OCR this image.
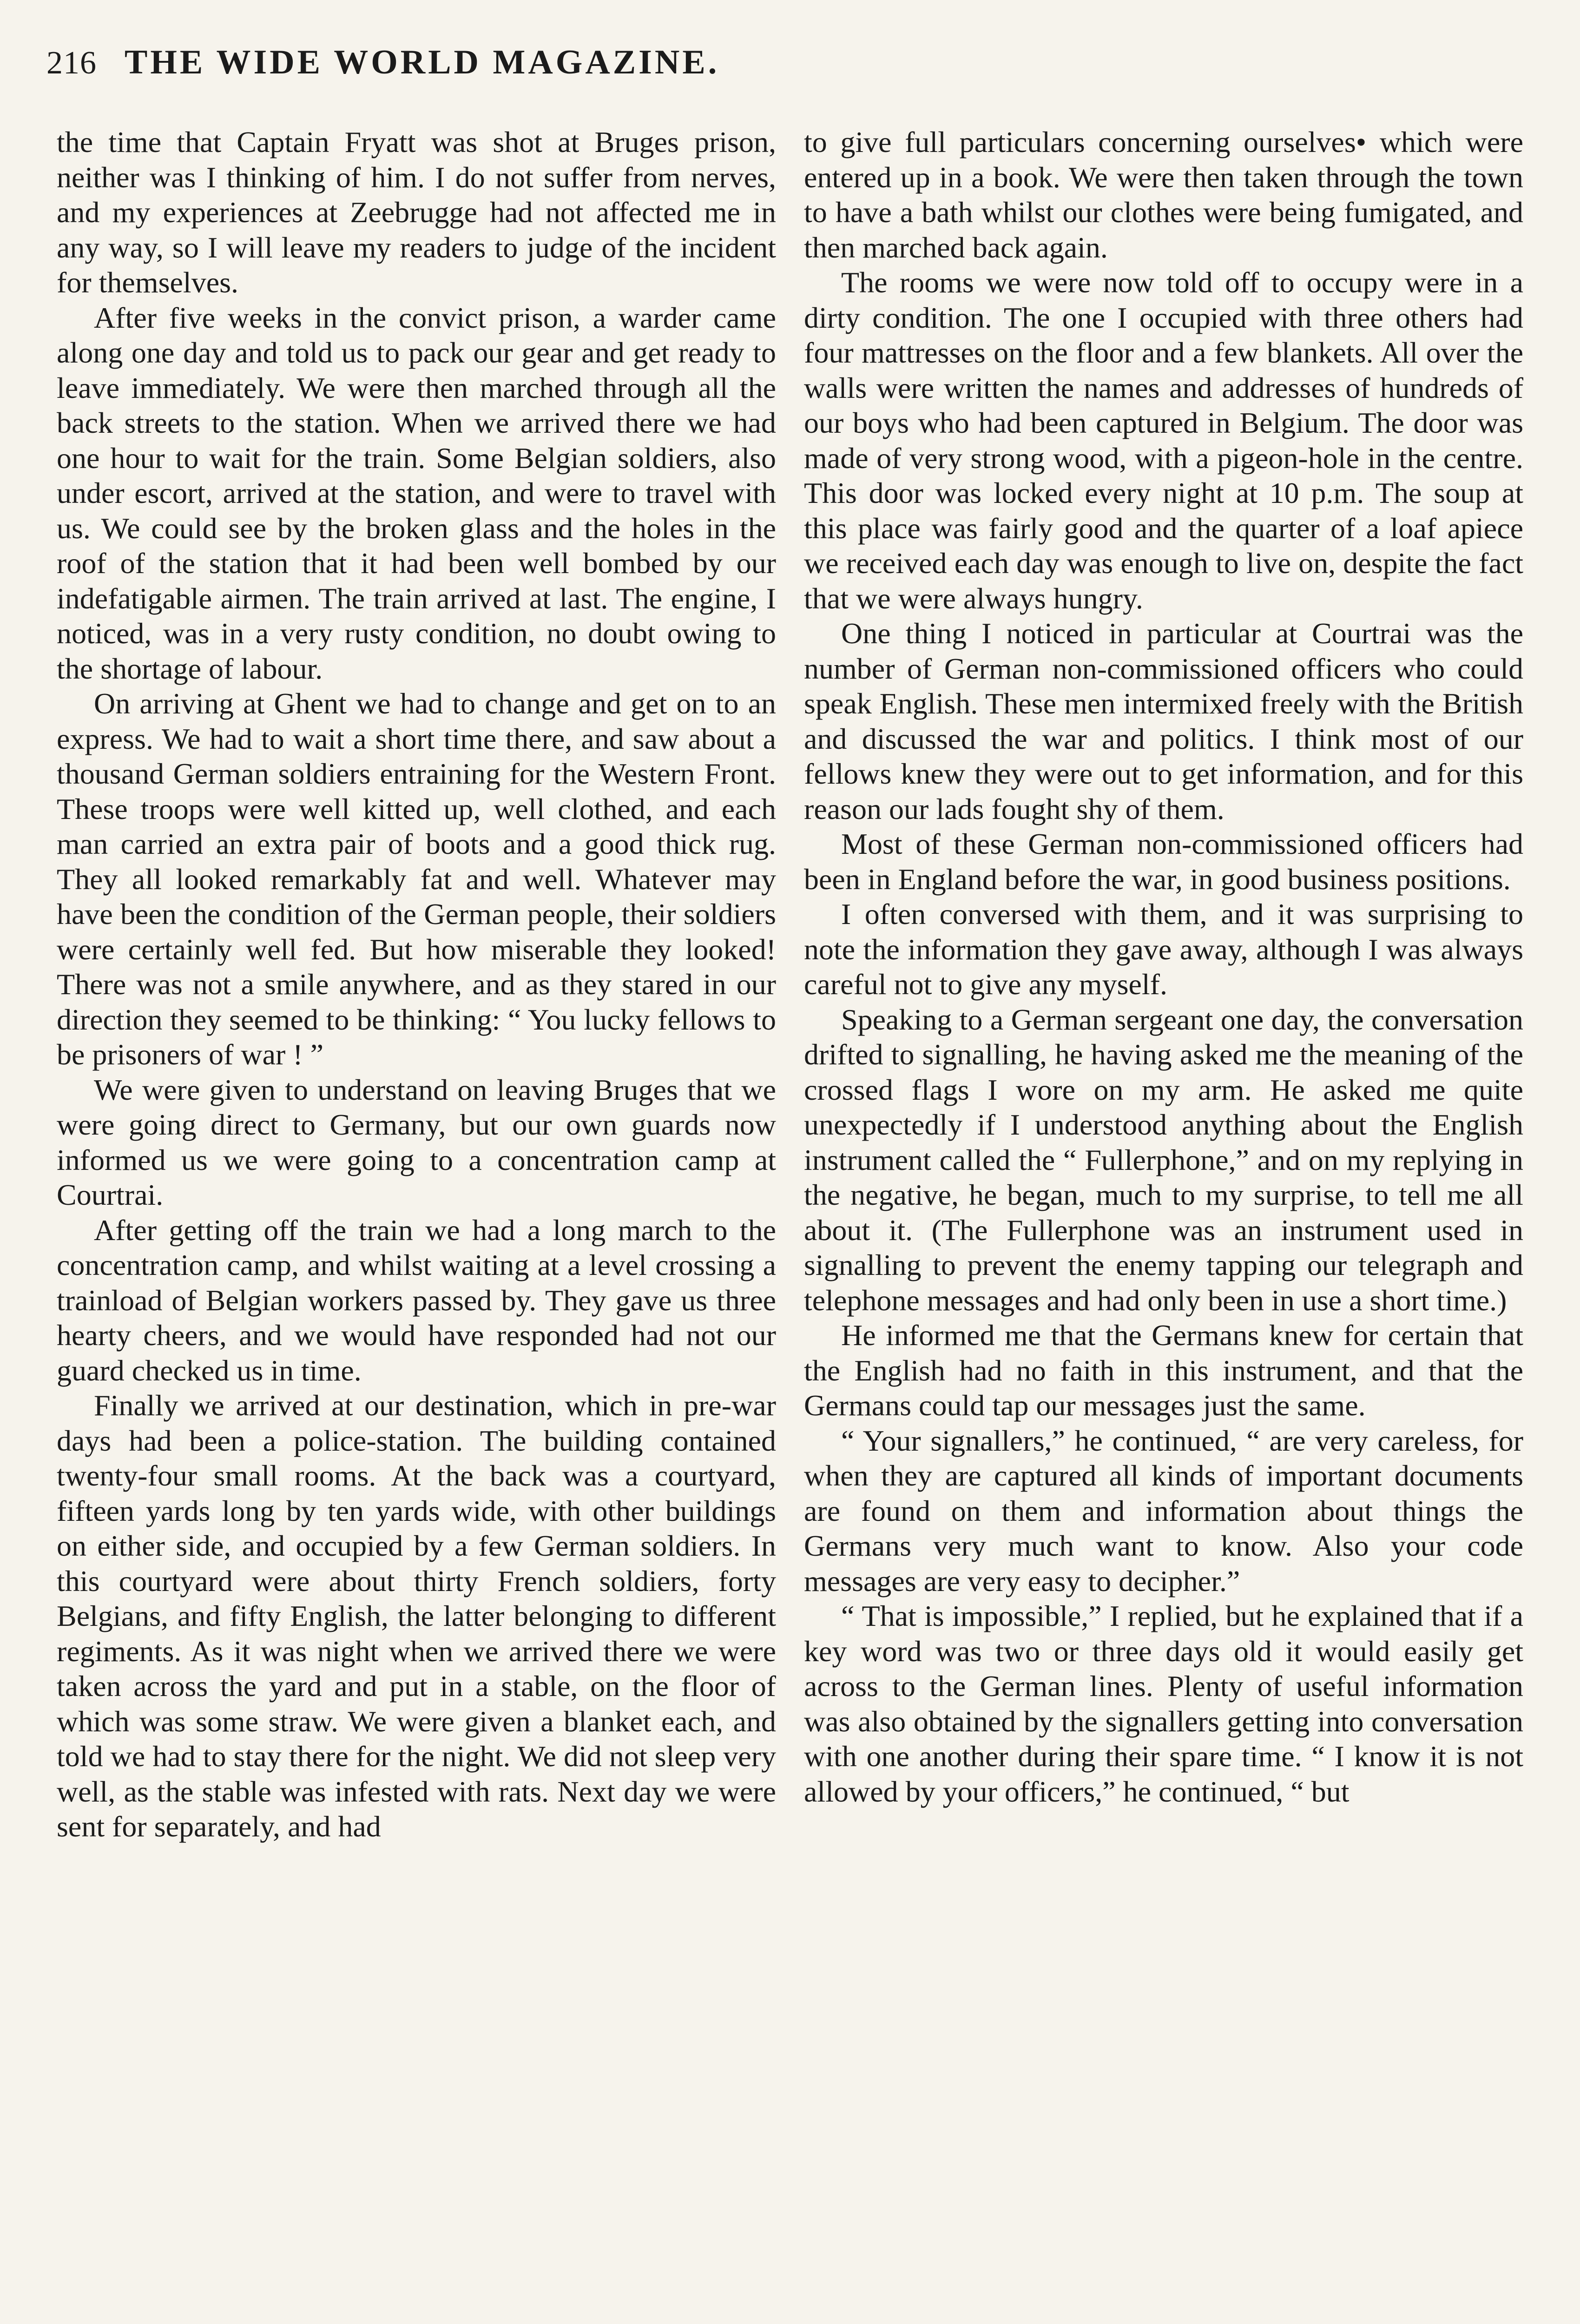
216 THE WIDE WORLD MAGAZINE.

the time that Captain Fryatt was shot at Bruges prison, neither was I thinking of him. I do not suffer from nerves, and my experiences at Zeebrugge had not affected me in any way, so I will leave my readers to judge of the incident for themselves.

After five weeks in the convict prison, a warder came along one day and told us to pack our gear and get ready to leave immediately. We were then marched through all the back streets to the station. When we arrived there we had one hour to wait for the train. Some Belgian soldiers, also under escort, arrived at the station, and were to travel with us. We could see by the broken glass and the holes in the roof of the station that it had been well bombed by our indefatigable airmen. The train arrived at last. The engine, I noticed, was in a very rusty condition, no doubt owing to the shortage of labour.

On arriving at Ghent we had to change and get on to an express. We had to wait a short time there, and saw about a thousand German soldiers entraining for the Western Front. These troops were well kitted up, well clothed, and each man carried an extra pair of boots and a good thick rug. They all looked remarkably fat and well. Whatever may have been the condition of the German people, their soldiers were certainly well fed. But how miserable they looked! There was not a smile anywhere, and as they stared in our direction they seemed to be thinking: “ You lucky fellows to be prisoners of war ! ”

We were given to understand on leaving Bruges that we were going direct to Germany, but our own guards now informed us we were going to a concentration camp at Courtrai.

After getting off the train we had a long march to the concentration camp, and whilst waiting at a level crossing a trainload of Belgian workers passed by. They gave us three hearty cheers, and we would have responded had not our guard checked us in time.

Finally we arrived at our destination, which in pre-war days had been a police-station. The building contained twenty-four small rooms. At the back was a courtyard, fifteen yards long by ten yards wide, with other buildings on either side, and occupied by a few German soldiers. In this courtyard were about thirty French soldiers, forty Belgians, and fifty English, the latter belonging to different regiments. As it was night when we arrived there we were taken across the yard and put in a stable, on the floor of which was some straw. We were given a blanket each, and told we had to stay there for the night. We did not sleep very well, as the stable was infested with rats. Next day we were sent for separately, and had

to give full particulars concerning ourselves• which were entered up in a book. We were then taken through the town to have a bath whilst our clothes were being fumigated, and then marched back again.

The rooms we were now told off to occupy were in a dirty condition. The one I occupied with three others had four mattresses on the floor and a few blankets. All over the walls were written the names and addresses of hundreds of our boys who had been captured in Belgium. The door was made of very strong wood, with a pigeon-hole in the centre. This door was locked every night at 10 p.m. The soup at this place was fairly good and the quarter of a loaf apiece we received each day was enough to live on, despite the fact that we were always hungry.

One thing I noticed in particular at Courtrai was the number of German non-commissioned officers who could speak English. These men intermixed freely with the British and discussed the war and politics. I think most of our fellows knew they were out to get information, and for this reason our lads fought shy of them.

Most of these German non-commissioned officers had been in England before the war, in good business positions.

I often conversed with them, and it was surprising to note the information they gave away, although I was always careful not to give any myself.

Speaking to a German sergeant one day, the conversation drifted to signalling, he having asked me the meaning of the crossed flags I wore on my arm. He asked me quite unexpectedly if I understood anything about the English instrument called the “ Fullerphone,” and on my replying in the negative, he began, much to my surprise, to tell me all about it. (The Fullerphone was an instrument used in signalling to prevent the enemy tapping our telegraph and telephone messages and had only been in use a short time.)

He informed me that the Germans knew for certain that the English had no faith in this instrument, and that the Germans could tap our messages just the same.

“ Your signallers,” he continued, “ are very careless, for when they are captured all kinds of important documents are found on them and information about things the Germans very much want to know. Also your code messages are very easy to decipher.”

“ That is impossible,” I replied, but he explained that if a key word was two or three days old it would easily get across to the German lines. Plenty of useful information was also obtained by the signallers getting into conversation with one another during their spare time. “ I know it is not allowed by your officers,” he continued, “ but
